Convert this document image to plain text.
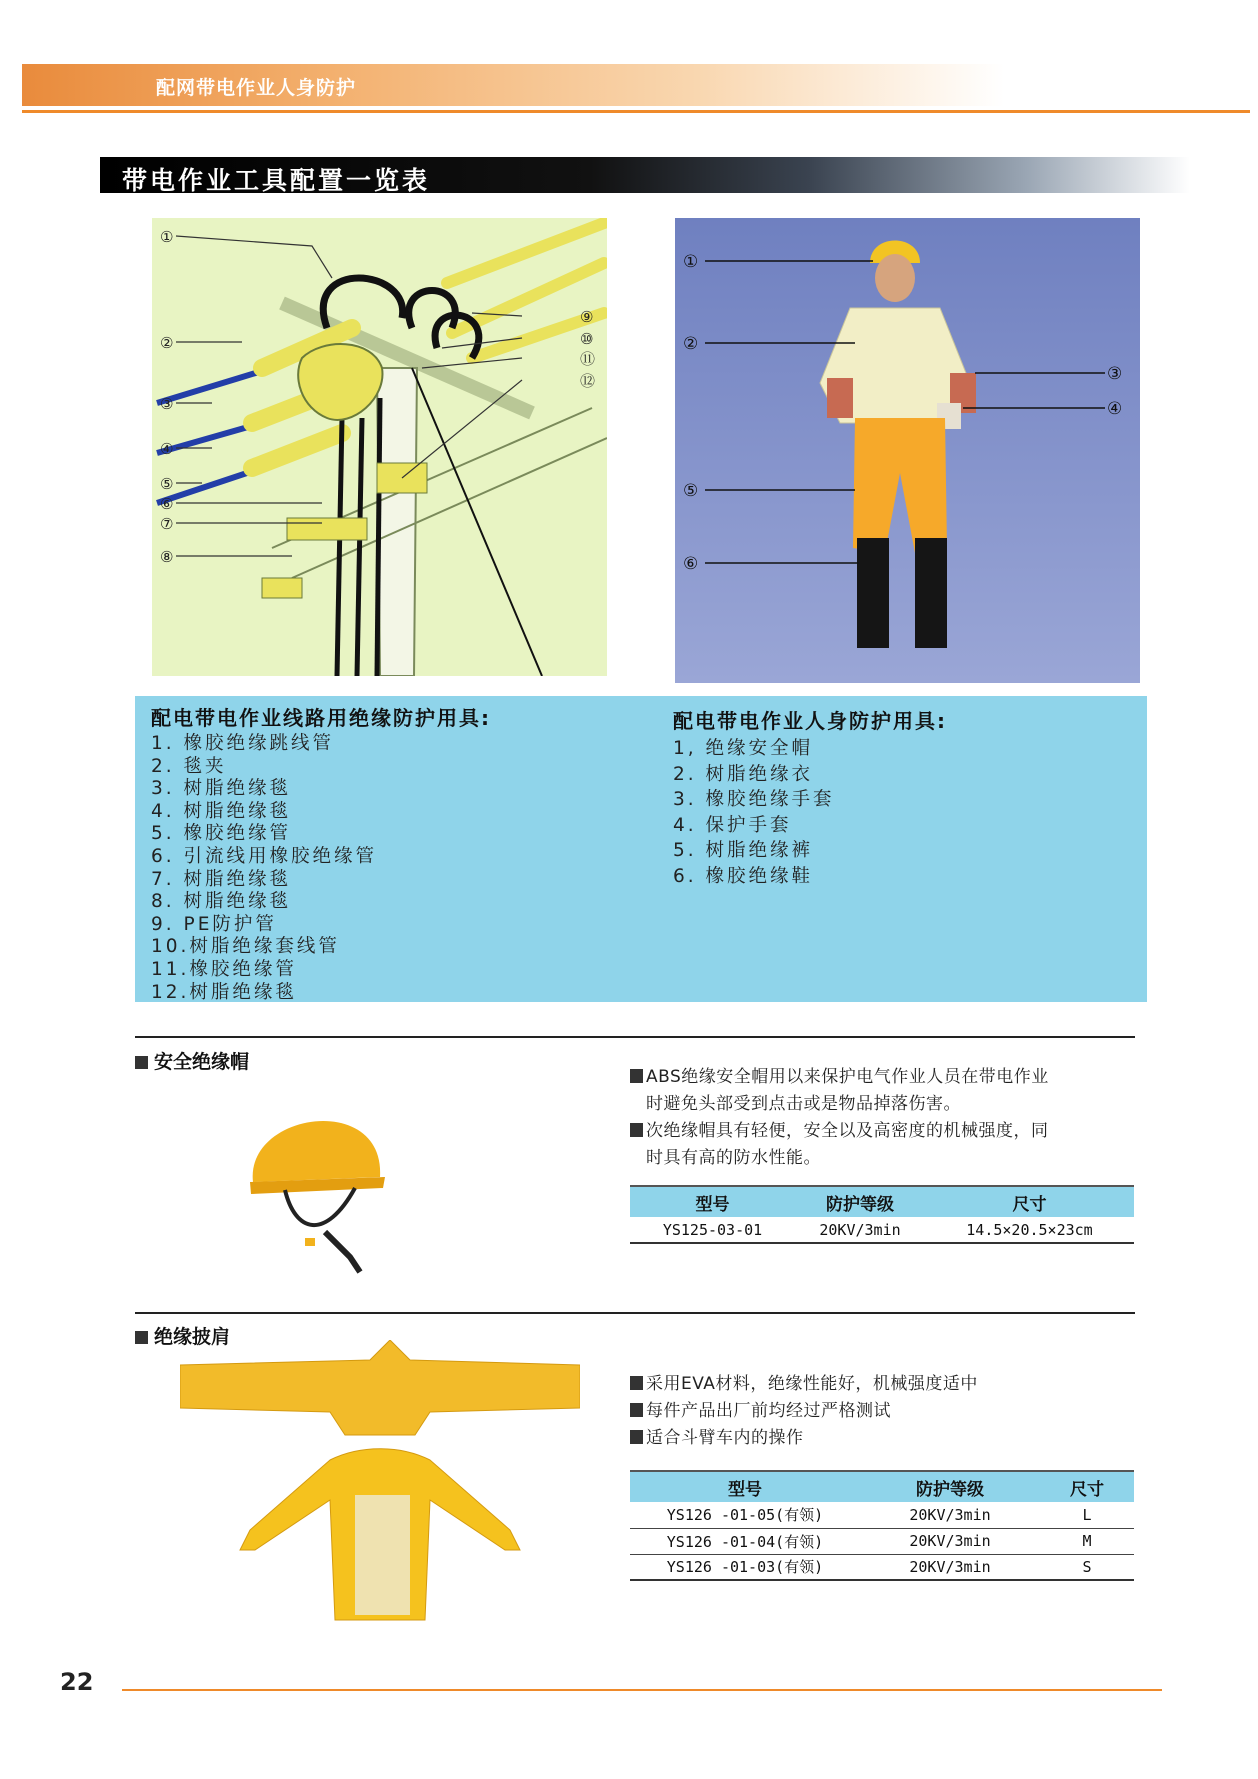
配网带电作业人身防护
带电作业工具配置一览表
①
②
③
④
⑤
⑥
⑦
⑧
⑨
⑩
⑪
⑫
①
②
③
④
⑤
⑥
配电带电作业线路用绝缘防护用具:
1. 橡胶绝缘跳线管
2. 毯夹
3. 树脂绝缘毯
4. 树脂绝缘毯
5. 橡胶绝缘管
6. 引流线用橡胶绝缘管
7. 树脂绝缘毯
8. 树脂绝缘毯
9. PE防护管
10.树脂绝缘套线管
11.橡胶绝缘管
12.树脂绝缘毯
配电带电作业人身防护用具:
1, 绝缘安全帽
2. 树脂绝缘衣
3. 橡胶绝缘手套
4. 保护手套
5. 树脂绝缘裤
6. 橡胶绝缘鞋
安全绝缘帽

ABS绝缘安全帽用以来保护电气作业人员在带电作业

时避免头部受到点击或是物品掉落伤害。

次绝缘帽具有轻便，安全以及高密度的机械强度，同

时具有高的防水性能。

型号	防护等级	尺寸
YS125-03-01	20KV/3min	14.5×20.5×23cm
绝缘披肩

采用EVA材料，绝缘性能好，机械强度适中

每件产品出厂前均经过严格测试

适合斗臂车内的操作

型号	防护等级	尺寸
YS126 -01-05(有领)	20KV/3min	L
YS126 -01-04(有领)	20KV/3min	M
YS126 -01-03(有领)	20KV/3min	S
22
